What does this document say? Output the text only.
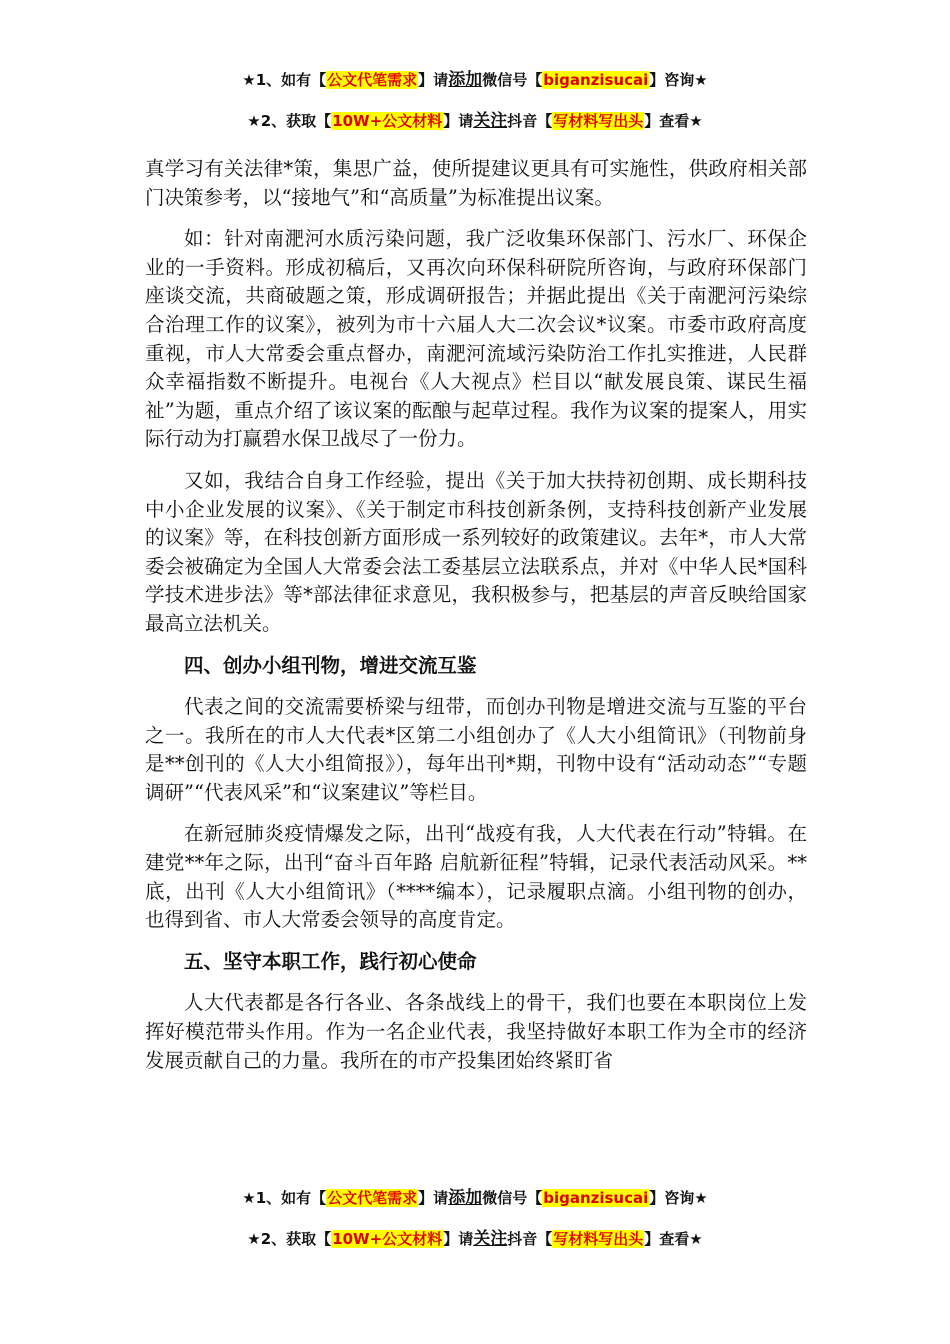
★1、如有【公文代笔需求】请添加微信号【biganzisucai】咨询★
★2、获取【10W+公文材料】请关注抖音【写材料写出头】查看★

真学习有关法律*策，集思广益，使所提建议更具有可实施性，供政府相关部门决策参考，以“接地气”和“高质量”为标准提出议案。

如：针对南淝河水质污染问题，我广泛收集环保部门、污水厂、环保企业的一手资料。形成初稿后，又再次向环保科研院所咨询，与政府环保部门座谈交流，共商破题之策，形成调研报告；并据此提出《关于南淝河污染综合治理工作的议案》，被列为市十六届人大二次会议*议案。市委市政府高度重视，市人大常委会重点督办，南淝河流域污染防治工作扎实推进，人民群众幸福指数不断提升。电视台《人大视点》栏目以“献发展良策、谋民生福祉”为题，重点介绍了该议案的酝酿与起草过程。我作为议案的提案人，用实际行动为打赢碧水保卫战尽了一份力。

又如，我结合自身工作经验，提出《关于加大扶持初创期、成长期科技中小企业发展的议案》、《关于制定市科技创新条例，支持科技创新产业发展的议案》等，在科技创新方面形成一系列较好的政策建议。去年*，市人大常委会被确定为全国人大常委会法工委基层立法联系点，并对《中华人民*国科学技术进步法》等*部法律征求意见，我积极参与，把基层的声音反映给国家最高立法机关。

四、创办小组刊物，增进交流互鉴

代表之间的交流需要桥梁与纽带，而创办刊物是增进交流与互鉴的平台之一。我所在的市人大代表*区第二小组创办了《人大小组简讯》（刊物前身是**创刊的《人大小组简报》），每年出刊*期，刊物中设有“活动动态”“专题调研”“代表风采”和“议案建议”等栏目。

在新冠肺炎疫情爆发之际，出刊“战疫有我，人大代表在行动”特辑。在建党**年之际，出刊“奋斗百年路 启航新征程”特辑，记录代表活动风采。**底，出刊《人大小组简讯》（****编本），记录履职点滴。小组刊物的创办，也得到省、市人大常委会领导的高度肯定。

五、坚守本职工作，践行初心使命

人大代表都是各行各业、各条战线上的骨干，我们也要在本职岗位上发挥好模范带头作用。作为一名企业代表，我坚持做好本职工作为全市的经济发展贡献自己的力量。我所在的市产投集团始终紧盯省

★1、如有【公文代笔需求】请添加微信号【biganzisucai】咨询★
★2、获取【10W+公文材料】请关注抖音【写材料写出头】查看★
